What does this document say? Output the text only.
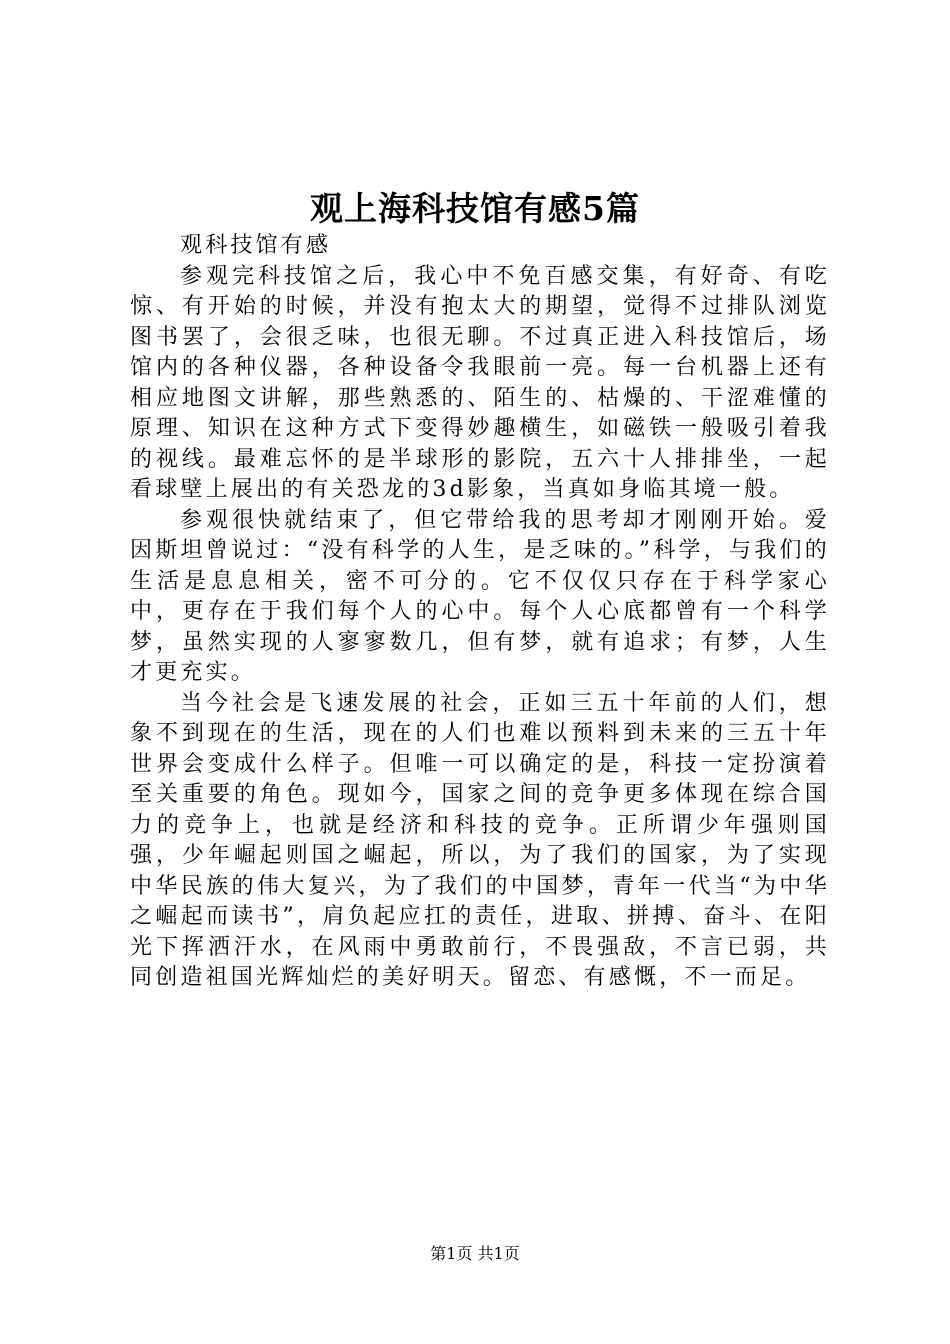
观上海科技馆有感5篇

观科技馆有感

参观完科技馆之后，我心中不免百感交集，有好奇、有吃惊、有开始的时候，并没有抱太大的期望，觉得不过排队浏览图书罢了，会很乏味，也很无聊。不过真正进入科技馆后，场馆内的各种仪器，各种设备令我眼前一亮。每一台机器上还有相应地图文讲解，那些熟悉的、陌生的、枯燥的、干涩难懂的原理、知识在这种方式下变得妙趣横生，如磁铁一般吸引着我的视线。最难忘怀的是半球形的影院，五六十人排排坐，一起看球壁上展出的有关恐龙的3d影象，当真如身临其境一般。

参观很快就结束了，但它带给我的思考却才刚刚开始。爱因斯坦曾说过：“没有科学的人生，是乏味的。”科学，与我们的生活是息息相关，密不可分的。它不仅仅只存在于科学家心中，更存在于我们每个人的心中。每个人心底都曾有一个科学梦，虽然实现的人寥寥数几，但有梦，就有追求；有梦，人生才更充实。

当今社会是飞速发展的社会，正如三五十年前的人们，想象不到现在的生活，现在的人们也难以预料到未来的三五十年世界会变成什么样子。但唯一可以确定的是，科技一定扮演着至关重要的角色。现如今，国家之间的竞争更多体现在综合国力的竞争上，也就是经济和科技的竞争。正所谓少年强则国强，少年崛起则国之崛起，所以，为了我们的国家，为了实现中华民族的伟大复兴，为了我们的中国梦，青年一代当“为中华之崛起而读书”，肩负起应扛的责任，进取、拼搏、奋斗、在阳光下挥洒汗水，在风雨中勇敢前行，不畏强敌，不言已弱，共同创造祖国光辉灿烂的美好明天。留恋、有感慨，不一而足。

第1页 共1页
